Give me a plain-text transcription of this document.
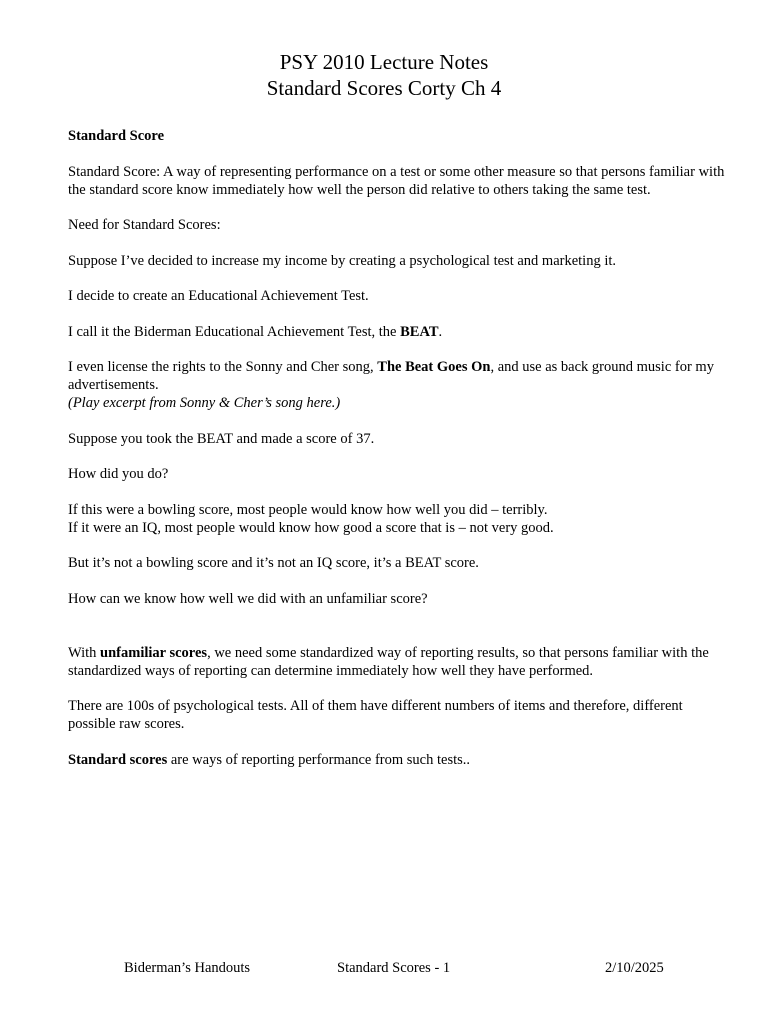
PSY 2010 Lecture Notes
Standard Scores Corty Ch 4

Standard Score

Standard Score: A way of representing performance on a test or some other measure so that persons familiar with the standard score know immediately how well the person did relative to others taking the same test.

Need for Standard Scores:

Suppose I’ve decided to increase my income by creating a psychological test and marketing it.

I decide to create an Educational Achievement Test.

I call it the Biderman Educational Achievement Test, the BEAT.

I even license the rights to the Sonny and Cher song, The Beat Goes On, and use as back ground music for my advertisements.

(Play excerpt from Sonny & Cher’s song here.)

Suppose you took the BEAT and made a score of 37.

How did you do?

If this were a bowling score, most people would know how well you did – terribly.

If it were an IQ, most people would know how good a score that is – not very good.

But it’s not a bowling score and it’s not an IQ score, it’s a BEAT score.

How can we know how well we did with an unfamiliar score?

With unfamiliar scores, we need some standardized way of reporting results, so that persons familiar with the standardized ways of reporting can determine immediately how well they have performed.

There are 100s of psychological tests. All of them have different numbers of items and therefore, different possible raw scores.

Standard scores are ways of reporting performance from such tests..

Biderman’s Handouts	Standard Scores - 1	2/10/2025
